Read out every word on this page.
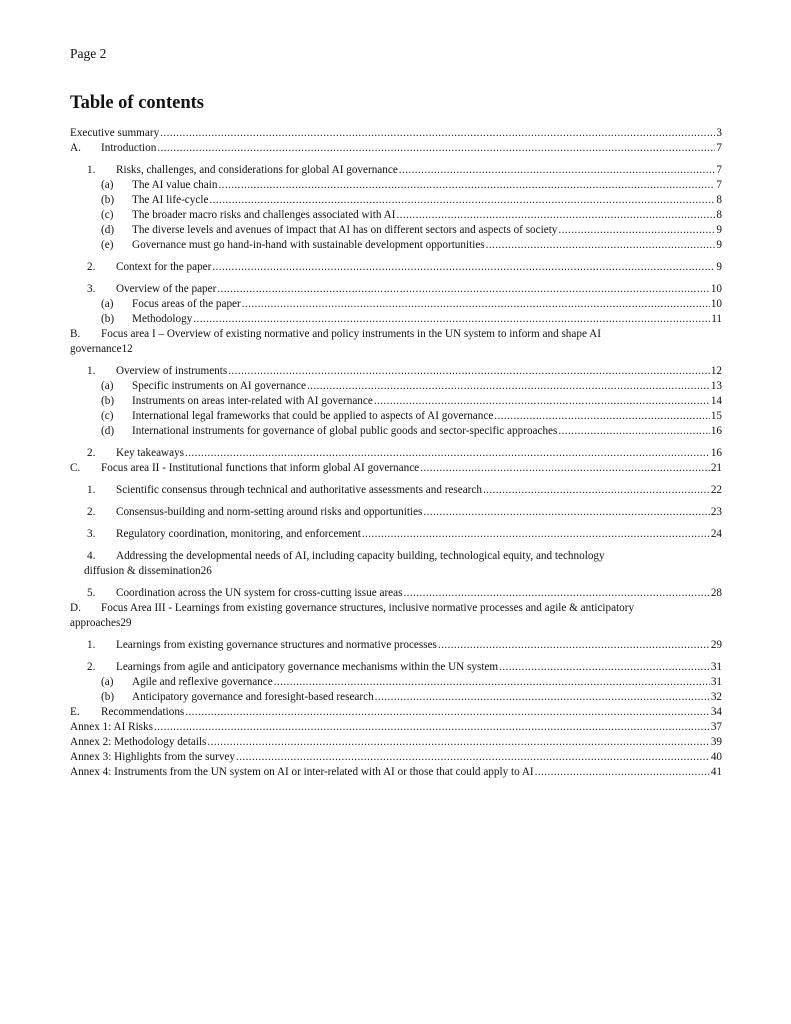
Page 2
Table of contents
Executive summary .....	3
A.	Introduction .....	7
1.	Risks, challenges, and considerations for global AI governance .....	7
(a)	The AI value chain .....	7
(b)	The AI life-cycle .....	8
(c)	The broader macro risks and challenges associated with AI .....	8
(d)	The diverse levels and avenues of impact that AI has on different sectors and aspects of society .....	9
(e)	Governance must go hand-in-hand with sustainable development opportunities .....	9
2.	Context for the paper .....	9
3.	Overview of the paper .....	10
(a)	Focus areas of the paper .....	10
(b)	Methodology .....	11
B. Focus area I – Overview of existing normative and policy instruments in the UN system to inform and shape AI
governance 12
1.	Overview of instruments .....	12
(a)	Specific instruments on AI governance .....	13
(b)	Instruments on areas inter-related with AI governance .....	14
(c)	International legal frameworks that could be applied to aspects of AI governance .....	15
(d)	International instruments for governance of global public goods and sector-specific approaches .....	16
2.	Key takeaways .....	16
C.	Focus area II - Institutional functions that inform global AI governance .....	21
1.	Scientific consensus through technical and authoritative assessments and research .....	22
2.	Consensus-building and norm-setting around risks and opportunities .....	23
3.	Regulatory coordination, monitoring, and enforcement .....	24
4. Addressing the developmental needs of AI, including capacity building, technological equity, and technology
diffusion & dissemination 26
5.	Coordination across the UN system for cross-cutting issue areas .....	28
D. Focus Area III - Learnings from existing governance structures, inclusive normative processes and agile & anticipatory
approaches 29
1.	Learnings from existing governance structures and normative processes .....	29
2.	Learnings from agile and anticipatory governance mechanisms within the UN system .....	31
(a)	Agile and reflexive governance .....	31
(b)	Anticipatory governance and foresight-based research .....	32
E.	Recommendations .....	34
Annex 1: AI Risks .....	37
Annex 2: Methodology details .....	39
Annex 3: Highlights from the survey .....	40
Annex 4: Instruments from the UN system on AI or inter-related with AI or those that could apply to AI .....	41
